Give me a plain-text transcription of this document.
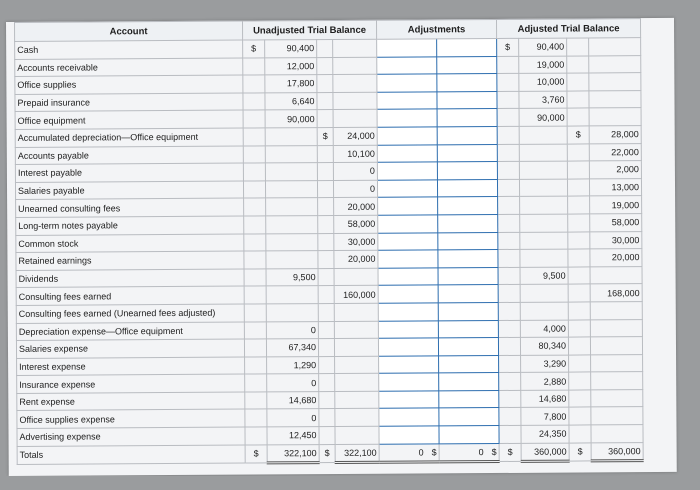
Account	Unadjusted Trial Balance				Adjustments		Adjusted Trial Balance			
Cash	$	90,400					$	90,400		
Accounts receivable		12,000						19,000		
Office supplies		17,800						10,000		
Prepaid insurance		6,640						3,760		
Office equipment		90,000						90,000		
Accumulated depreciation—Office equipment			$	24,000					$	28,000
Accounts payable				10,100						22,000
Interest payable				0						2,000
Salaries payable				0						13,000
Unearned consulting fees				20,000						19,000
Long-term notes payable				58,000						58,000
Common stock				30,000						30,000
Retained earnings				20,000						20,000
Dividends		9,500						9,500		
Consulting fees earned				160,000						168,000
Consulting fees earned (Unearned fees adjusted)										
Depreciation expense—Office equipment		0						4,000		
Salaries expense		67,340						80,340		
Interest expense		1,290						3,290		
Insurance expense		0						2,880		
Rent expense		14,680						14,680		
Office supplies expense		0						7,800		
Advertising expense		12,450						24,350		
Totals	$	322,100	$	322,100	0 $	0 $	$	360,000	$	360,000
